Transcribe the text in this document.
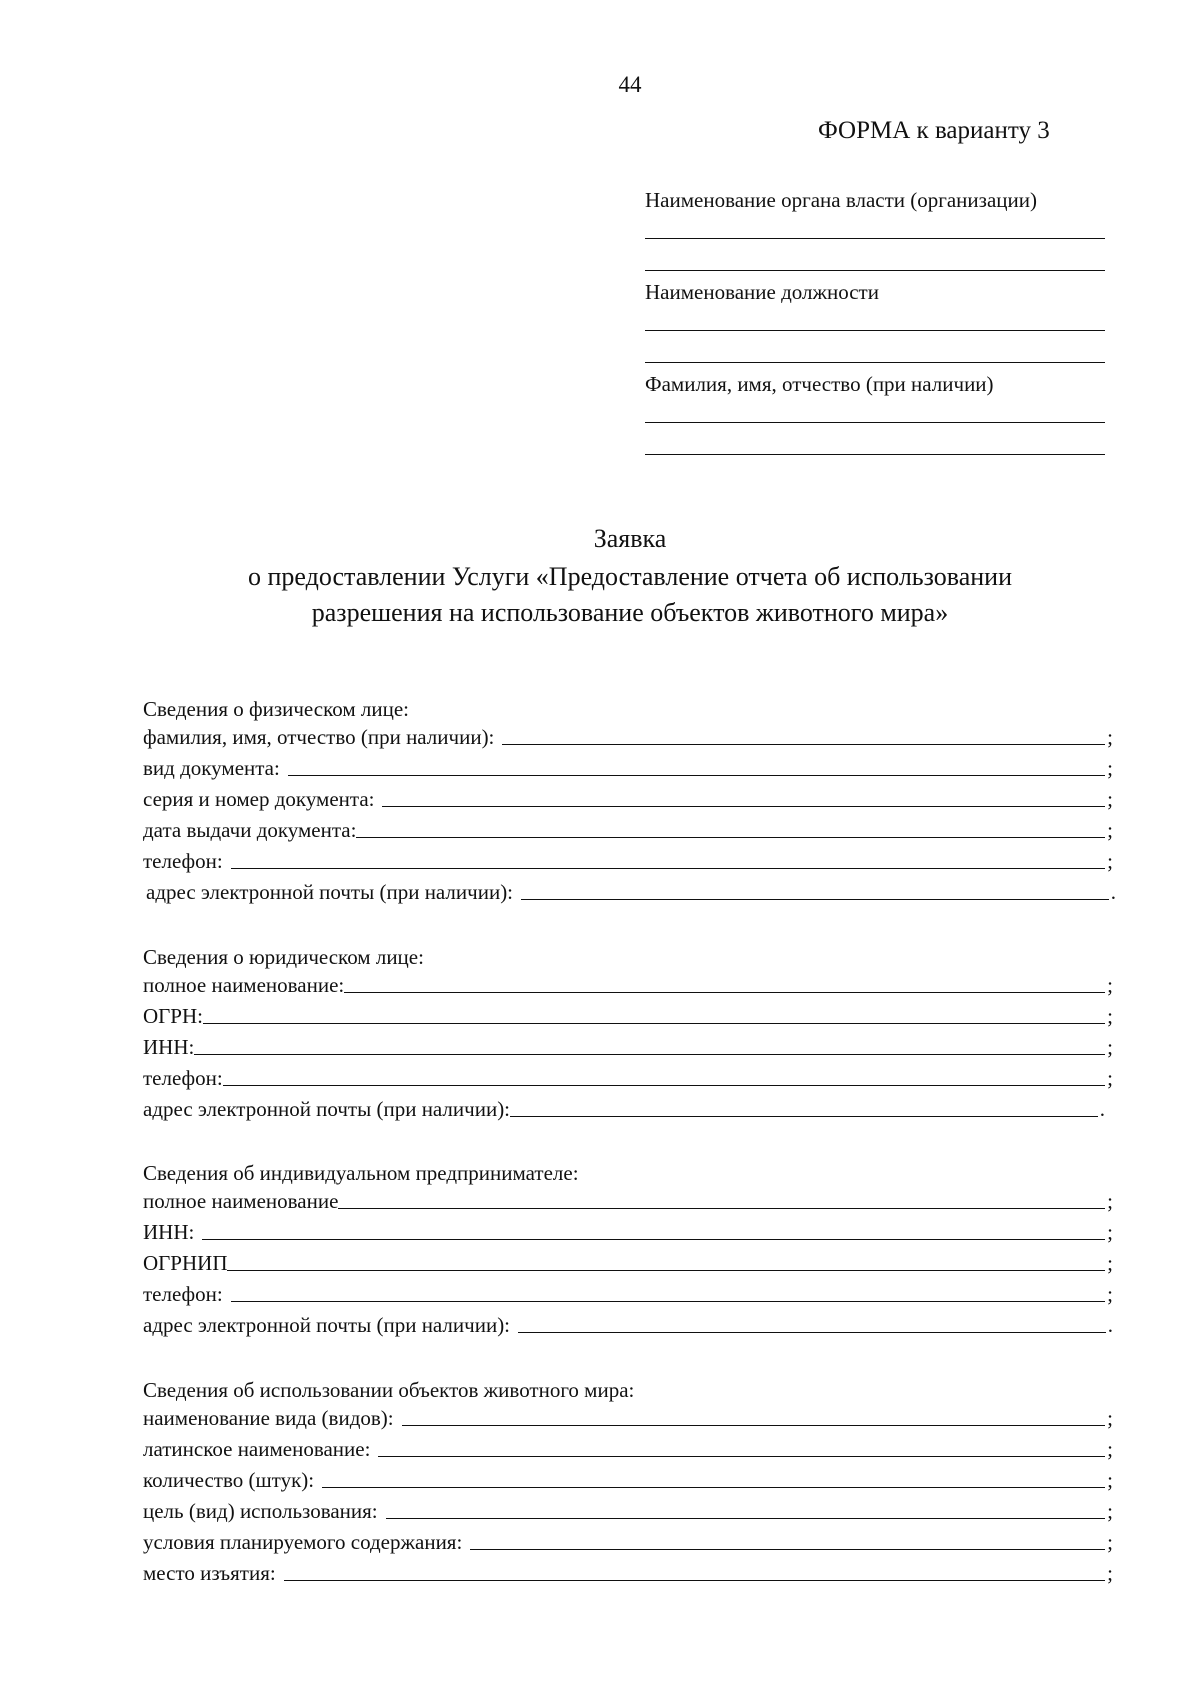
44
ФОРМА к варианту 3
Наименование органа власти (организации)
Наименование должности
Фамилия, имя, отчество (при наличии)
Заявка
о предоставлении Услуги «Предоставление отчета об использовании
разрешения на использование объектов животного мира»
Сведения о физическом лице:
фамилия, имя, отчество (при наличии):	;
вид документа:	;
серия и номер документа:	;
дата выдачи документа:	;
телефон:	;
адрес электронной почты (при наличии):	.
Сведения о юридическом лице:
полное наименование:	;
ОГРН:	;
ИНН:	;
телефон:	;
адрес электронной почты (при наличии):	.
Сведения об индивидуальном предпринимателе:
полное наименование	;
ИНН:	;
ОГРНИП	;
телефон:	;
адрес электронной почты (при наличии):	.
Сведения об использовании объектов животного мира:
наименование вида (видов):	;
латинское наименование:	;
количество (штук):	;
цель (вид) использования:	;
условия планируемого содержания:	;
место изъятия:	;
